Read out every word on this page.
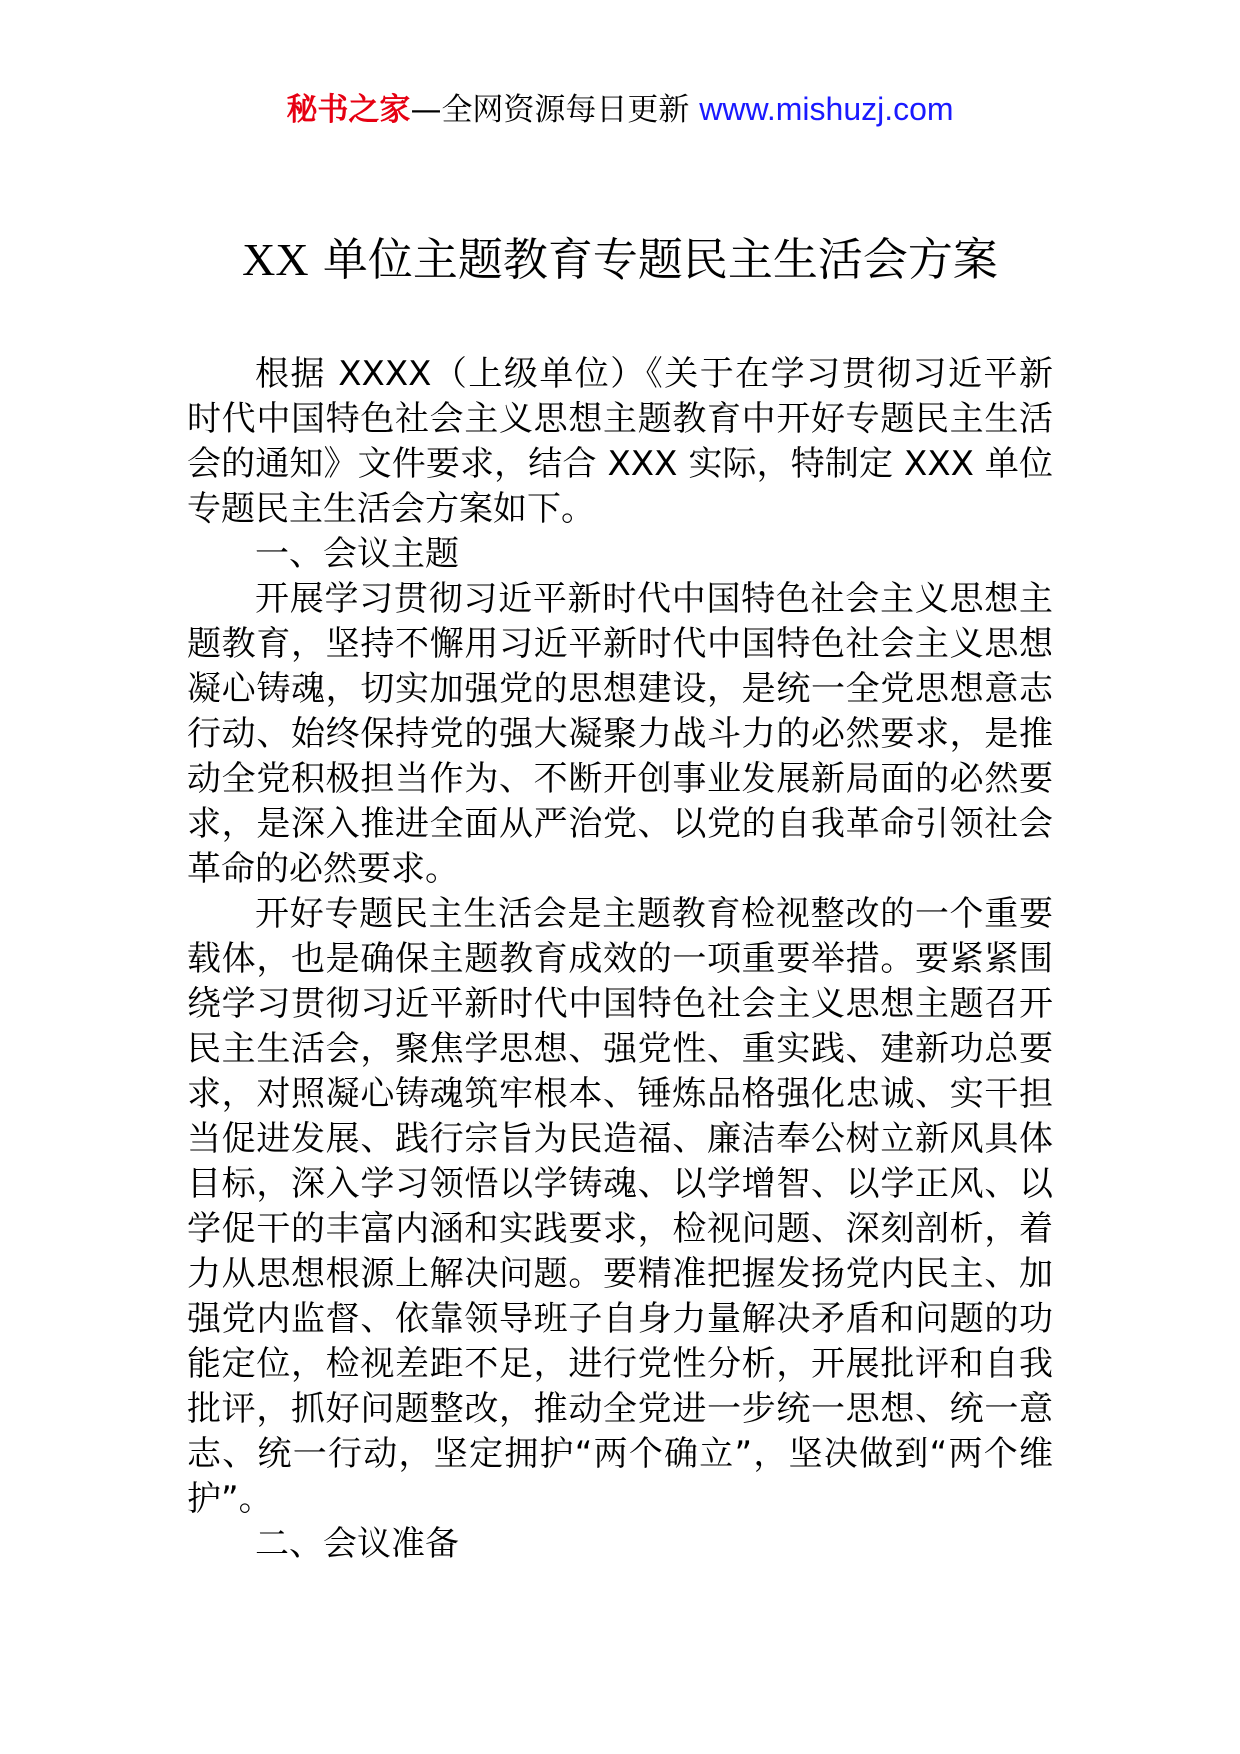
秘书之家—全网资源每日更新 www.mishuzj.com
XX 单位主题教育专题民主生活会方案

根据 XXXX（上级单位）《关于在学习贯彻习近平新时代中国特色社会主义思想主题教育中开好专题民主生活会的通知》文件要求，结合 XXX 实际，特制定 XXX 单位专题民主生活会方案如下。

一、会议主题

开展学习贯彻习近平新时代中国特色社会主义思想主题教育，坚持不懈用习近平新时代中国特色社会主义思想凝心铸魂，切实加强党的思想建设，是统一全党思想意志行动、始终保持党的强大凝聚力战斗力的必然要求，是推动全党积极担当作为、不断开创事业发展新局面的必然要求，是深入推进全面从严治党、以党的自我革命引领社会革命的必然要求。

开好专题民主生活会是主题教育检视整改的一个重要载体，也是确保主题教育成效的一项重要举措。要紧紧围绕学习贯彻习近平新时代中国特色社会主义思想主题召开民主生活会，聚焦学思想、强党性、重实践、建新功总要求，对照凝心铸魂筑牢根本、锤炼品格强化忠诚、实干担当促进发展、践行宗旨为民造福、廉洁奉公树立新风具体目标，深入学习领悟以学铸魂、以学增智、以学正风、以学促干的丰富内涵和实践要求，检视问题、深刻剖析，着力从思想根源上解决问题。要精准把握发扬党内民主、加强党内监督、依靠领导班子自身力量解决矛盾和问题的功能定位，检视差距不足，进行党性分析，开展批评和自我批评，抓好问题整改，推动全党进一步统一思想、统一意志、统一行动，坚定拥护“两个确立”，坚决做到“两个维护”。

二、会议准备
